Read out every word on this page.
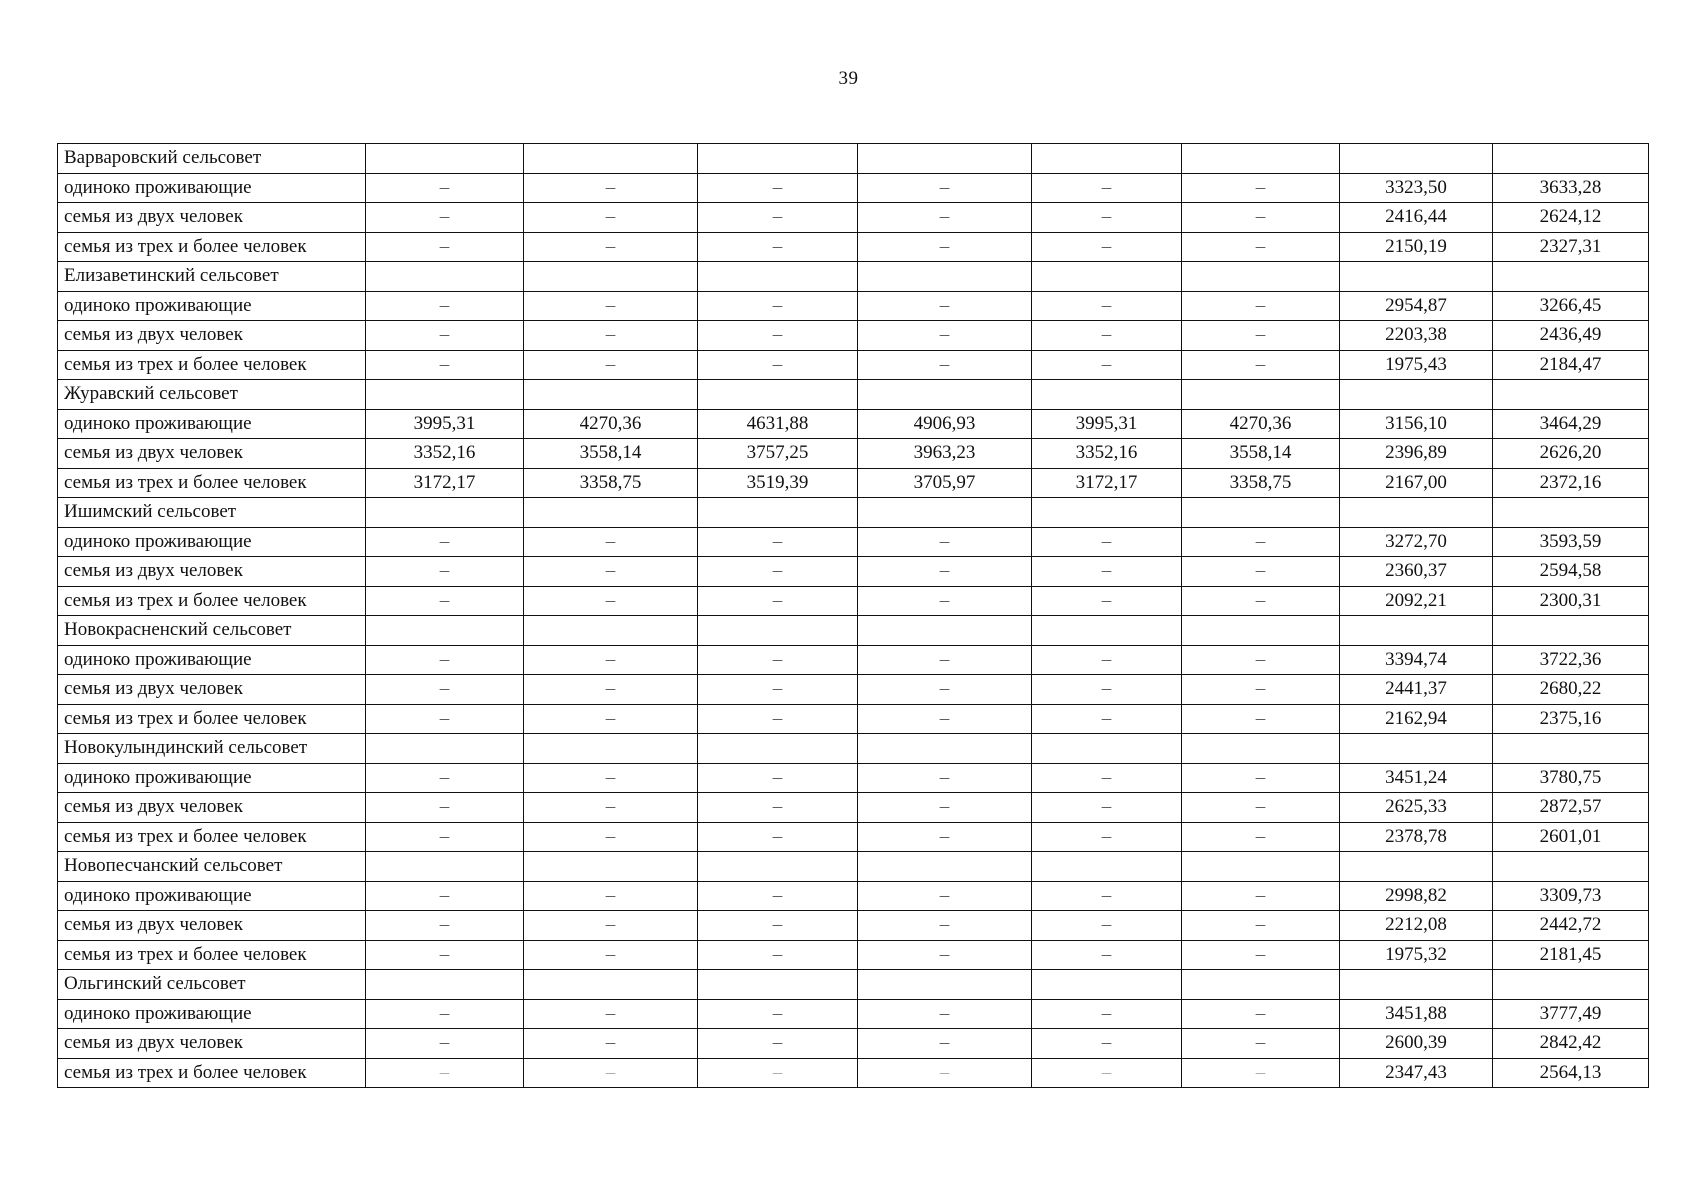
39
Варваровский сельсовет								
одиноко проживающие	–	–	–	–	–	–	3323,50	3633,28
семья из двух человек	–	–	–	–	–	–	2416,44	2624,12
семья из трех и более человек	–	–	–	–	–	–	2150,19	2327,31
Елизаветинский сельсовет								
одиноко проживающие	–	–	–	–	–	–	2954,87	3266,45
семья из двух человек	–	–	–	–	–	–	2203,38	2436,49
семья из трех и более человек	–	–	–	–	–	–	1975,43	2184,47
Журавский сельсовет								
одиноко проживающие	3995,31	4270,36	4631,88	4906,93	3995,31	4270,36	3156,10	3464,29
семья из двух человек	3352,16	3558,14	3757,25	3963,23	3352,16	3558,14	2396,89	2626,20
семья из трех и более человек	3172,17	3358,75	3519,39	3705,97	3172,17	3358,75	2167,00	2372,16
Ишимский сельсовет								
одиноко проживающие	–	–	–	–	–	–	3272,70	3593,59
семья из двух человек	–	–	–	–	–	–	2360,37	2594,58
семья из трех и более человек	–	–	–	–	–	–	2092,21	2300,31
Новокрасненский сельсовет								
одиноко проживающие	–	–	–	–	–	–	3394,74	3722,36
семья из двух человек	–	–	–	–	–	–	2441,37	2680,22
семья из трех и более человек	–	–	–	–	–	–	2162,94	2375,16
Новокулындинский сельсовет								
одиноко проживающие	–	–	–	–	–	–	3451,24	3780,75
семья из двух человек	–	–	–	–	–	–	2625,33	2872,57
семья из трех и более человек	–	–	–	–	–	–	2378,78	2601,01
Новопесчанский сельсовет								
одиноко проживающие	–	–	–	–	–	–	2998,82	3309,73
семья из двух человек	–	–	–	–	–	–	2212,08	2442,72
семья из трех и более человек	–	–	–	–	–	–	1975,32	2181,45
Ольгинский сельсовет								
одиноко проживающие	–	–	–	–	–	–	3451,88	3777,49
семья из двух человек	–	–	–	–	–	–	2600,39	2842,42
семья из трех и более человек	–	–	–	–	–	–	2347,43	2564,13
